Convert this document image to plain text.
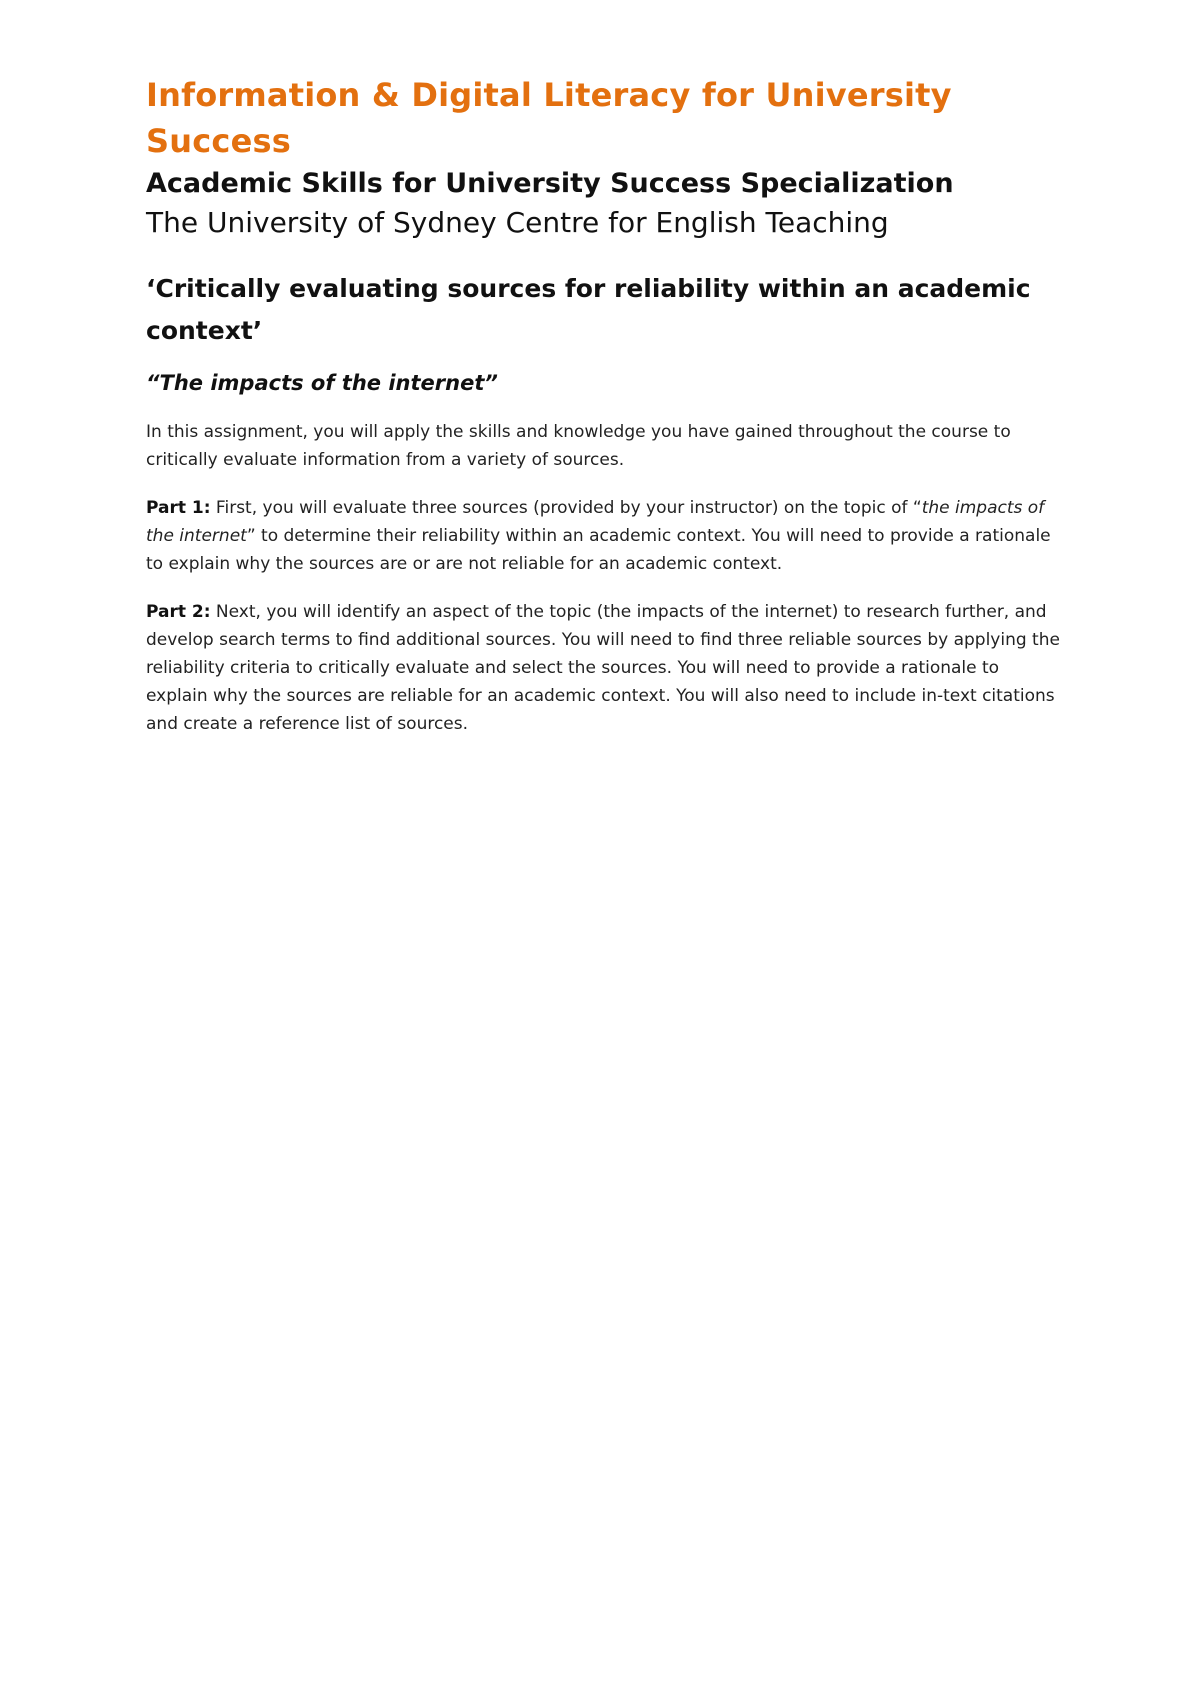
Information & Digital Literacy for University Success
Academic Skills for University Success Specialization
The University of Sydney Centre for English Teaching
‘Critically evaluating sources for reliability within an academic context’
“The impacts of the internet”

In this assignment, you will apply the skills and knowledge you have gained throughout the course to critically evaluate information from a variety of sources.

Part 1: First, you will evaluate three sources (provided by your instructor) on the topic of “the impacts of the internet” to determine their reliability within an academic context. You will need to provide a rationale to explain why the sources are or are not reliable for an academic context.

Part 2: Next, you will identify an aspect of the topic (the impacts of the internet) to research further, and develop search terms to find additional sources. You will need to find three reliable sources by applying the reliability criteria to critically evaluate and select the sources. You will need to provide a rationale to explain why the sources are reliable for an academic context. You will also need to include in-text citations and create a reference list of sources.
